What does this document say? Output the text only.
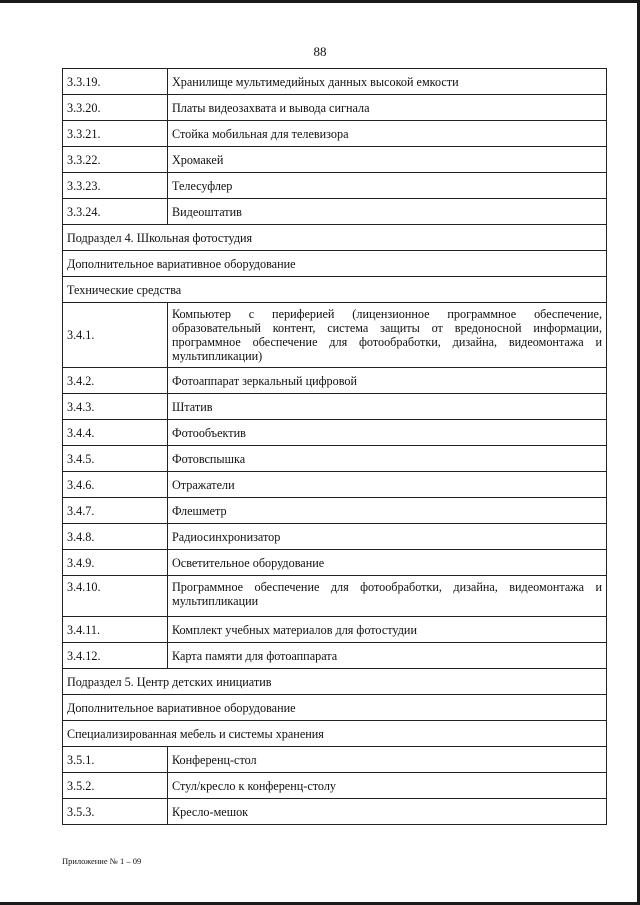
88
3.3.19.	Хранилище мультимедийных данных высокой емкости
3.3.20.	Платы видеозахвата и вывода сигнала
3.3.21.	Стойка мобильная для телевизора
3.3.22.	Хромакей
3.3.23.	Телесуфлер
3.3.24.	Видеоштатив
Подраздел 4. Школьная фотостудия	
Дополнительное вариативное оборудование	
Технические средства	
3.4.1.	Компьютер с периферией (лицензионное программное обеспечение, образовательный контент, система защиты от вредоносной информации, программное обеспечение для фотообработки, дизайна, видеомонтажа и мультипликации)
3.4.2.	Фотоаппарат зеркальный цифровой
3.4.3.	Штатив
3.4.4.	Фотообъектив
3.4.5.	Фотовспышка
3.4.6.	Отражатели
3.4.7.	Флешметр
3.4.8.	Радиосинхронизатор
3.4.9.	Осветительное оборудование
3.4.10.	Программное обеспечение для фотообработки, дизайна, видеомонтажа и мультипликации
3.4.11.	Комплект учебных материалов для фотостудии
3.4.12.	Карта памяти для фотоаппарата
Подраздел 5. Центр детских инициатив	
Дополнительное вариативное оборудование	
Специализированная мебель и системы хранения	
3.5.1.	Конференц-стол
3.5.2.	Стул/кресло к конференц-столу
3.5.3.	Кресло-мешок
Приложение № 1 – 09
